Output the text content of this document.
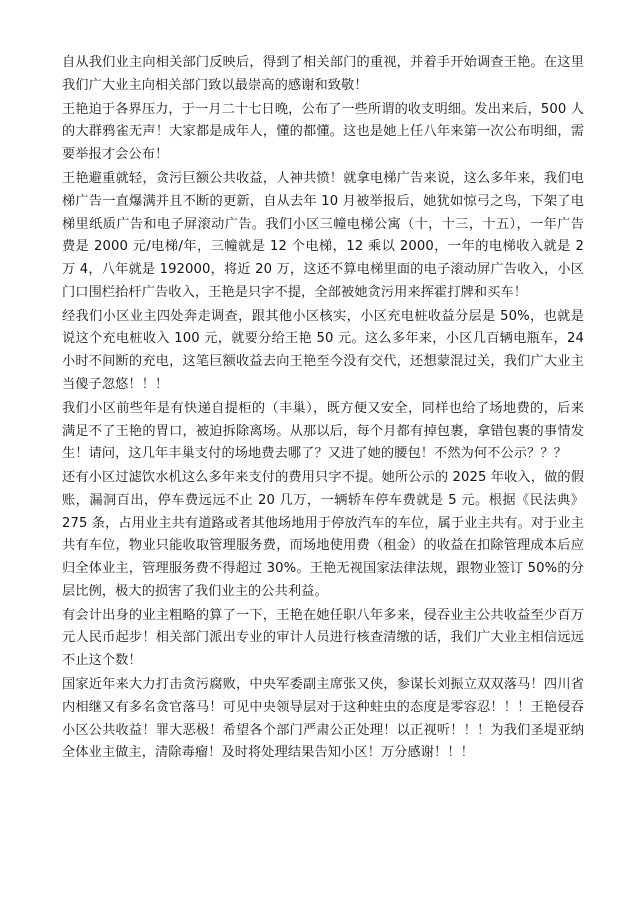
自从我们业主向相关部门反映后，得到了相关部门的重视，并着手开始调查王艳。在这里我们广大业主向相关部门致以最崇高的感谢和致敬！

王艳迫于各界压力，于一月二十七日晚，公布了一些所谓的收支明细。发出来后，500 人的大群鸦雀无声！大家都是成年人，懂的都懂。这也是她上任八年来第一次公布明细，需要举报才会公布！

王艳避重就轻，贪污巨额公共收益，人神共愤！就拿电梯广告来说，这么多年来，我们电梯广告一直爆满并且不断的更新，自从去年 10 月被举报后，她犹如惊弓之鸟，下架了电梯里纸质广告和电子屏滚动广告。我们小区三幢电梯公寓（十，十三，十五），一年广告费是 2000 元/电梯/年，三幢就是 12 个电梯，12 乘以 2000，一年的电梯收入就是 2 万 4，八年就是 192000，将近 20 万，这还不算电梯里面的电子滚动屏广告收入，小区门口围栏抬杆广告收入，王艳是只字不提，全部被她贪污用来挥霍打牌和买车！

经我们小区业主四处奔走调查，跟其他小区核实，小区充电桩收益分层是 50%，也就是说这个充电桩收入 100 元，就要分给王艳 50 元。这么多年来，小区几百辆电瓶车，24 小时不间断的充电，这笔巨额收益去向王艳至今没有交代，还想蒙混过关，我们广大业主当傻子忽悠！！！

我们小区前些年是有快递自提柜的（丰巢），既方便又安全，同样也给了场地费的，后来满足不了王艳的胃口，被迫拆除离场。从那以后，每个月都有掉包裹，拿错包裹的事情发生！请问，这几年丰巢支付的场地费去哪了？又进了她的腰包！不然为何不公示？？？

还有小区过滤饮水机这么多年来支付的费用只字不提。她所公示的 2025 年收入，做的假账，漏洞百出，停车费远远不止 20 几万，一辆轿车停车费就是 5 元。根据《民法典》275 条，占用业主共有道路或者其他场地用于停放汽车的车位，属于业主共有。对于业主共有车位，物业只能收取管理服务费，而场地使用费（租金）的收益在扣除管理成本后应归全体业主，管理服务费不得超过 30%。王艳无视国家法律法规，跟物业签订 50%的分层比例，极大的损害了我们业主的公共利益。

有会计出身的业主粗略的算了一下，王艳在她任职八年多来，侵吞业主公共收益至少百万元人民币起步！相关部门派出专业的审计人员进行核查清缴的话，我们广大业主相信远远不止这个数！

国家近年来大力打击贪污腐败，中央军委副主席张又侠，参谋长刘振立双双落马！四川省内相继又有多名贪官落马！可见中央领导层对于这种蛀虫的态度是零容忍！！！王艳侵吞小区公共收益！罪大恶极！希望各个部门严肃公正处理！以正视听！！！为我们圣堤亚纳全体业主做主，清除毒瘤！及时将处理结果告知小区！万分感谢！！！
